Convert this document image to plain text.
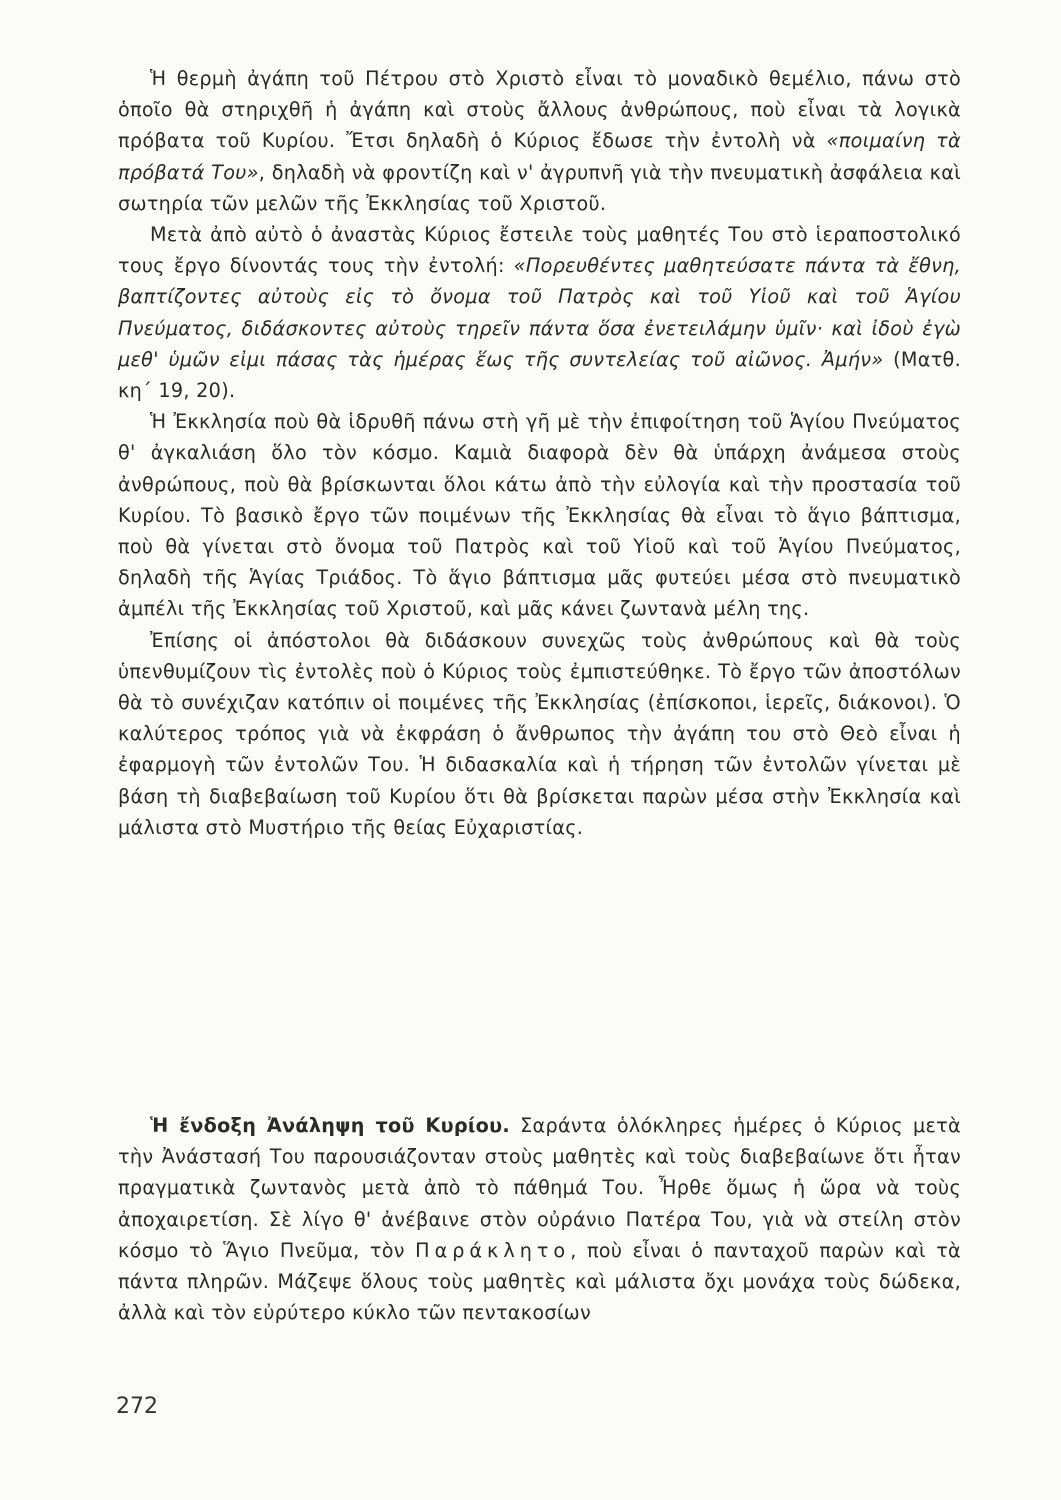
Ἡ θερμὴ ἀγάπη τοῦ Πέτρου στὸ Χριστὸ εἶναι τὸ μοναδικὸ θεμέλιο, πάνω στὸ ὁποῖο θὰ στηριχθῆ ἡ ἀγάπη καὶ στοὺς ἄλλους ἀνθρώπους, ποὺ εἶναι τὰ λογικὰ πρόβατα τοῦ Κυρίου. Ἔτσι δηλαδὴ ὁ Κύριος ἔδωσε τὴν ἐντολὴ νὰ «ποιμαίνη τὰ πρόβατά Του», δηλαδὴ νὰ φροντίζη καὶ ν' ἀγρυπνῆ γιὰ τὴν πνευματικὴ ἀσφάλεια καὶ σωτηρία τῶν μελῶν τῆς Ἐκκλησίας τοῦ Χριστοῦ.

Μετὰ ἀπὸ αὐτὸ ὁ ἀναστὰς Κύριος ἔστειλε τοὺς μαθητές Του στὸ ἱεραποστολικό τους ἔργο δίνοντάς τους τὴν ἐντολή: «Πορευθέντες μαθητεύσατε πάντα τὰ ἔθνη, βαπτίζοντες αὐτοὺς εἰς τὸ ὄνομα τοῦ Πατρὸς καὶ τοῦ Υἱοῦ καὶ τοῦ Ἁγίου Πνεύματος, διδάσκοντες αὐτοὺς τηρεῖν πάντα ὅσα ἐνετειλάμην ὑμῖν· καὶ ἰδοὺ ἐγὼ μεθ' ὑμῶν εἰμι πάσας τὰς ἡμέρας ἕως τῆς συντελείας τοῦ αἰῶνος. Ἀμήν» (Ματθ. κη΄ 19, 20).

Ἡ Ἐκκλησία ποὺ θὰ ἱδρυθῆ πάνω στὴ γῆ μὲ τὴν ἐπιφοίτηση τοῦ Ἁγίου Πνεύματος θ' ἀγκαλιάση ὅλο τὸν κόσμο. Καμιὰ διαφορὰ δὲν θὰ ὑπάρχη ἀνάμεσα στοὺς ἀνθρώπους, ποὺ θὰ βρίσκωνται ὅλοι κάτω ἀπὸ τὴν εὐλογία καὶ τὴν προστασία τοῦ Κυρίου. Τὸ βασικὸ ἔργο τῶν ποιμένων τῆς Ἐκκλησίας θὰ εἶναι τὸ ἅγιο βάπτισμα, ποὺ θὰ γίνεται στὸ ὄνομα τοῦ Πατρὸς καὶ τοῦ Υἱοῦ καὶ τοῦ Ἁγίου Πνεύματος, δηλαδὴ τῆς Ἁγίας Τριάδος. Τὸ ἅγιο βάπτισμα μᾶς φυτεύει μέσα στὸ πνευματικὸ ἀμπέλι τῆς Ἐκκλησίας τοῦ Χριστοῦ, καὶ μᾶς κάνει ζωντανὰ μέλη της.

Ἐπίσης οἱ ἀπόστολοι θὰ διδάσκουν συνεχῶς τοὺς ἀνθρώπους καὶ θὰ τοὺς ὑπενθυμίζουν τὶς ἐντολὲς ποὺ ὁ Κύριος τοὺς ἐμπιστεύθηκε. Τὸ ἔργο τῶν ἀποστόλων θὰ τὸ συνέχιζαν κατόπιν οἱ ποιμένες τῆς Ἐκκλησίας (ἐπίσκοποι, ἱερεῖς, διάκονοι). Ὁ καλύτερος τρόπος γιὰ νὰ ἐκφράση ὁ ἄνθρωπος τὴν ἀγάπη του στὸ Θεὸ εἶναι ἡ ἐφαρμογὴ τῶν ἐντολῶν Του. Ἡ διδασκαλία καὶ ἡ τήρηση τῶν ἐντολῶν γίνεται μὲ βάση τὴ διαβεβαίωση τοῦ Κυρίου ὅτι θὰ βρίσκεται παρὼν μέσα στὴν Ἐκκλησία καὶ μάλιστα στὸ Μυστήριο τῆς θείας Εὐχαριστίας.

Ἡ ἔνδοξη Ἀνάληψη τοῦ Κυρίου. Σαράντα ὁλόκληρες ἡμέρες ὁ Κύριος μετὰ τὴν Ἀνάστασή Του παρουσιάζονταν στοὺς μαθητὲς καὶ τοὺς διαβεβαίωνε ὅτι ἦταν πραγματικὰ ζωντανὸς μετὰ ἀπὸ τὸ πάθημά Του. Ἦρθε ὅμως ἡ ὥρα νὰ τοὺς ἀποχαιρετίση. Σὲ λίγο θ' ἀνέβαινε στὸν οὐράνιο Πατέρα Του, γιὰ νὰ στείλη στὸν κόσμο τὸ Ἅγιο Πνεῦμα, τὸν Παράκλητο, ποὺ εἶναι ὁ πανταχοῦ παρὼν καὶ τὰ πάντα πληρῶν. Μάζεψε ὅλους τοὺς μαθητὲς καὶ μάλιστα ὄχι μονάχα τοὺς δώδεκα, ἀλλὰ καὶ τὸν εὐρύτερο κύκλο τῶν πεντακοσίων

272
